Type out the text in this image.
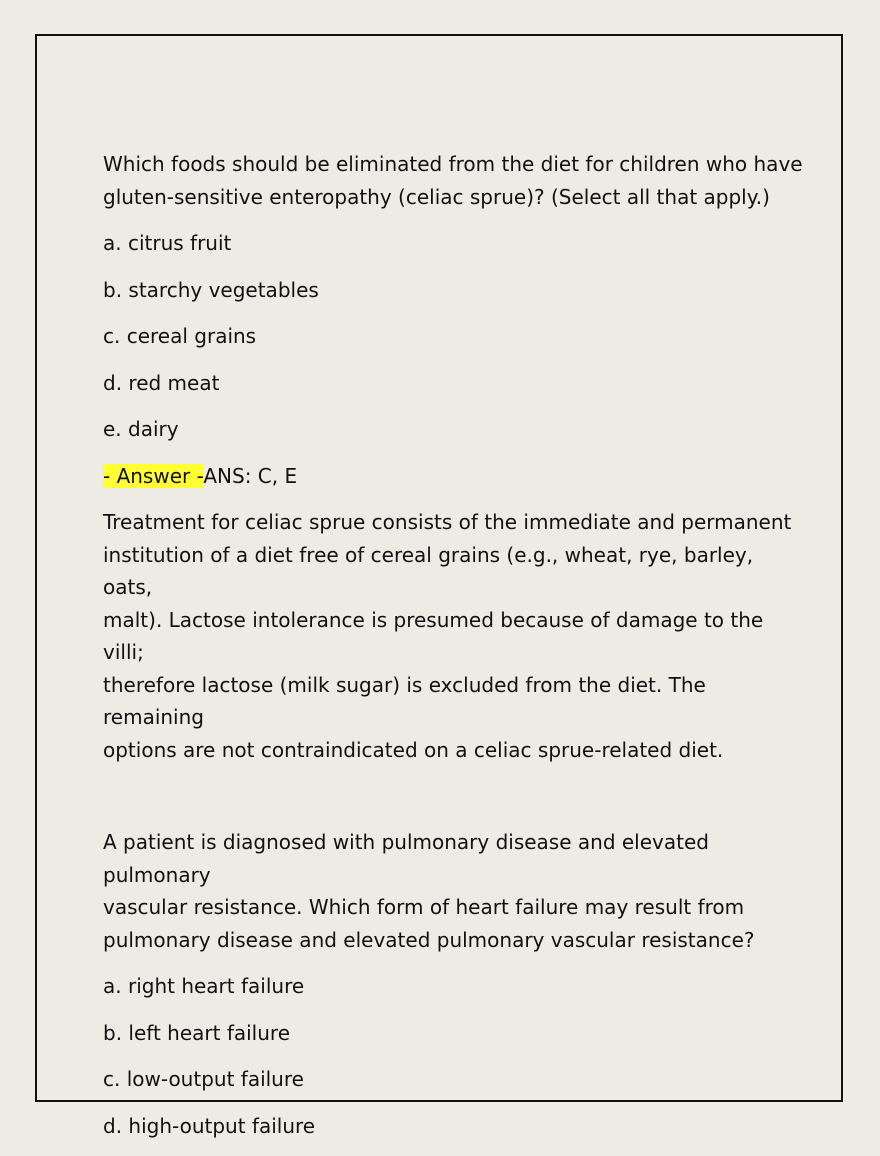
Which foods should be eliminated from the diet for children who have
gluten-sensitive enteropathy (celiac sprue)? (Select all that apply.)
a. citrus fruit
b. starchy vegetables
c. cereal grains
d. red meat
e. dairy
- Answer -ANS: C, E
Treatment for celiac sprue consists of the immediate and permanent
institution of a diet free of cereal grains (e.g., wheat, rye, barley, oats,
malt). Lactose intolerance is presumed because of damage to the villi;
therefore lactose (milk sugar) is excluded from the diet. The remaining
options are not contraindicated on a celiac sprue-related diet.
A patient is diagnosed with pulmonary disease and elevated pulmonary
vascular resistance. Which form of heart failure may result from
pulmonary disease and elevated pulmonary vascular resistance?
a. right heart failure
b. left heart failure
c. low-output failure
d. high-output failure
